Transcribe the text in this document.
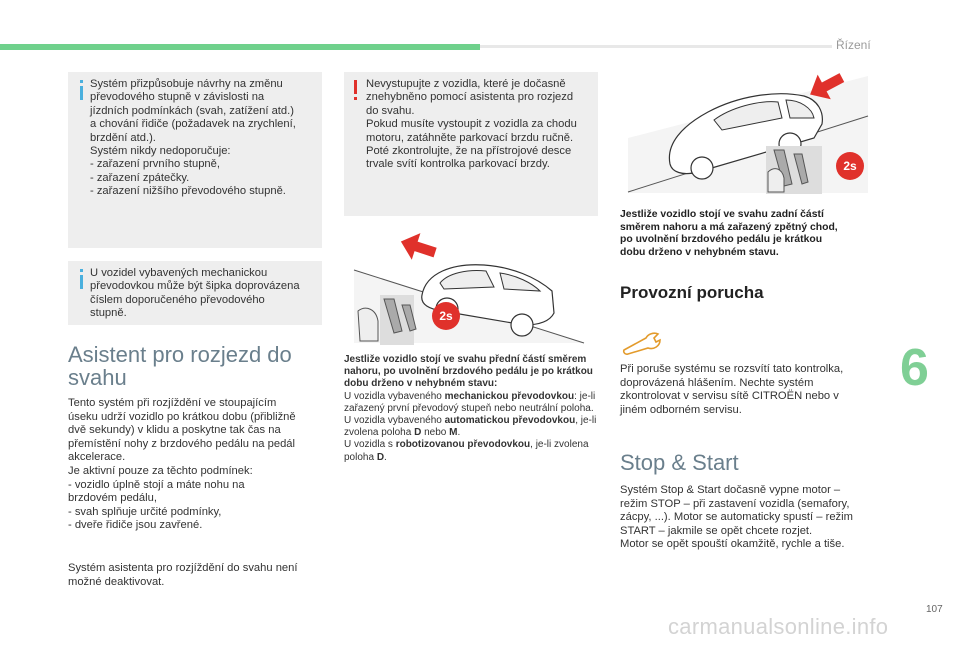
Řízení
Systém přizpůsobuje návrhy na změnu
převodového stupně v závislosti na
jízdních podmínkách (svah, zatížení atd.)
a chování řidiče (požadavek na zrychlení,
brzdění atd.).
Systém nikdy nedoporučuje:
- zařazení prvního stupně,
- zařazení zpátečky.
- zařazení nižšího převodového stupně.
U vozidel vybavených mechanickou
převodovkou může být šipka doprovázena
číslem doporučeného převodového
stupně.
Asistent pro rozjezd do
svahu
Tento systém při rozjíždění ve stoupajícím
úseku udrží vozidlo po krátkou dobu (přibližně
dvě sekundy) v klidu a poskytne tak čas na
přemístění nohy z brzdového pedálu na pedál
akcelerace.
Je aktivní pouze za těchto podmínek:
- vozidlo úplně stojí a máte nohu na
brzdovém pedálu,
- svah splňuje určité podmínky,
- dveře řidiče jsou zavřené.
Systém asistenta pro rozjíždění do svahu není
možné deaktivovat.
Nevystupujte z vozidla, které je dočasně
znehybněno pomocí asistenta pro rozjezd
do svahu.
Pokud musíte vystoupit z vozidla za chodu
motoru, zatáhněte parkovací brzdu ručně.
Poté zkontrolujte, že na přístrojové desce
trvale svítí kontrolka parkovací brzdy.
2s
Jestliže vozidlo stojí ve svahu přední částí směrem nahoru, po uvolnění brzdového pedálu je po krátkou dobu drženo v nehybném stavu:
U vozidla vybaveného mechanickou převodovkou: je-li zařazený první převodový stupeň nebo neutrální poloha.
U vozidla vybaveného automatickou převodovkou, je-li zvolena poloha D nebo M.
U vozidla s robotizovanou převodovkou, je-li zvolena poloha D.
2s
Jestliže vozidlo stojí ve svahu zadní částí
směrem nahoru a má zařazený zpětný chod,
po uvolnění brzdového pedálu je krátkou
dobu drženo v nehybném stavu.
Provozní porucha
Při poruše systému se rozsvítí tato kontrolka,
doprovázená hlášením. Nechte systém
zkontrolovat v servisu sítě CITROËN nebo v
jiném odborném servisu.
Stop & Start
Systém Stop & Start dočasně vypne motor –
režim STOP – při zastavení vozidla (semafory,
zácpy, ...). Motor se automaticky spustí – režim
START – jakmile se opět chcete rozjet.
Motor se opět spouští okamžitě, rychle a tiše.
6
107
carmanualsonline.info
